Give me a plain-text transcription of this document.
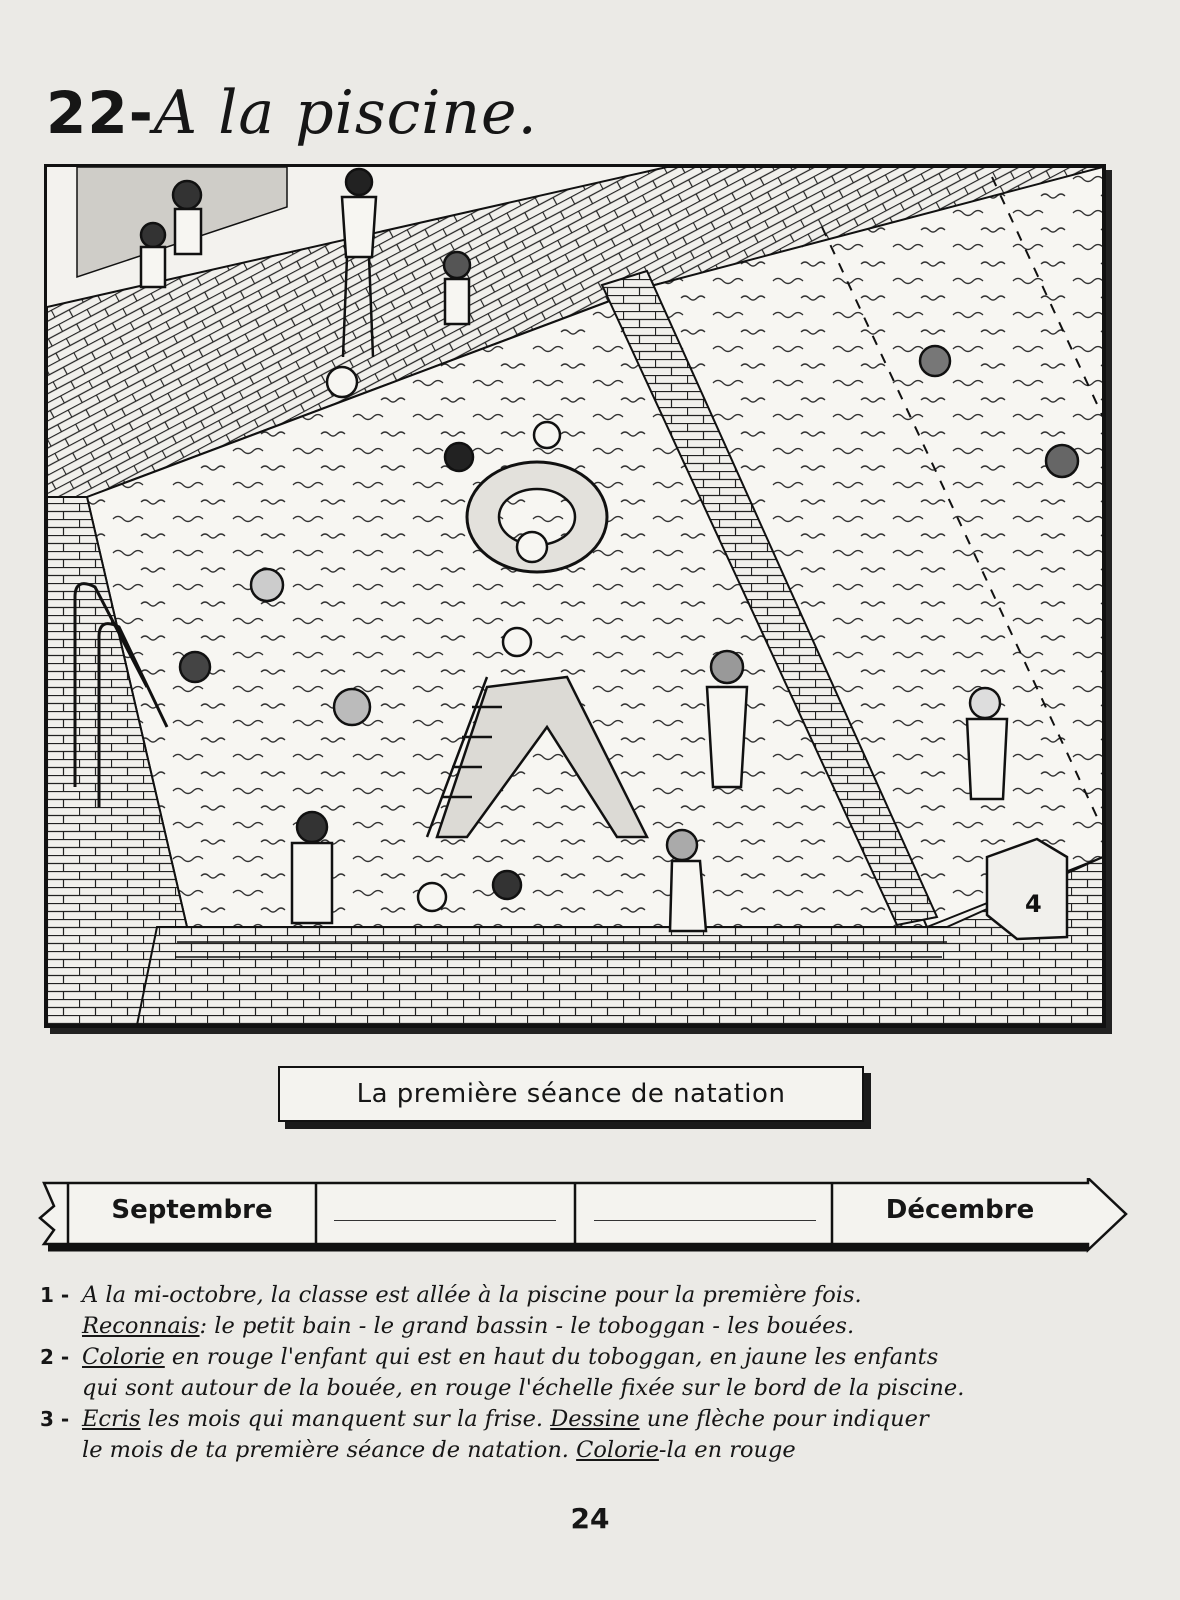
22-A la piscine.
4
La première séance de natation
Septembre	Décembre
1 - A la mi-octobre, la classe est allée à la piscine pour la première fois.
Reconnais: le petit bain - le grand bassin - le toboggan - les bouées.
2 - Colorie en rouge l'enfant qui est en haut du toboggan, en jaune les enfants
qui sont autour de la bouée, en rouge l'échelle fixée sur le bord de la piscine.
3 - Ecris les mois qui manquent sur la frise. Dessine une flèche pour indiquer
le mois de ta première séance de natation. Colorie-la en rouge
24
